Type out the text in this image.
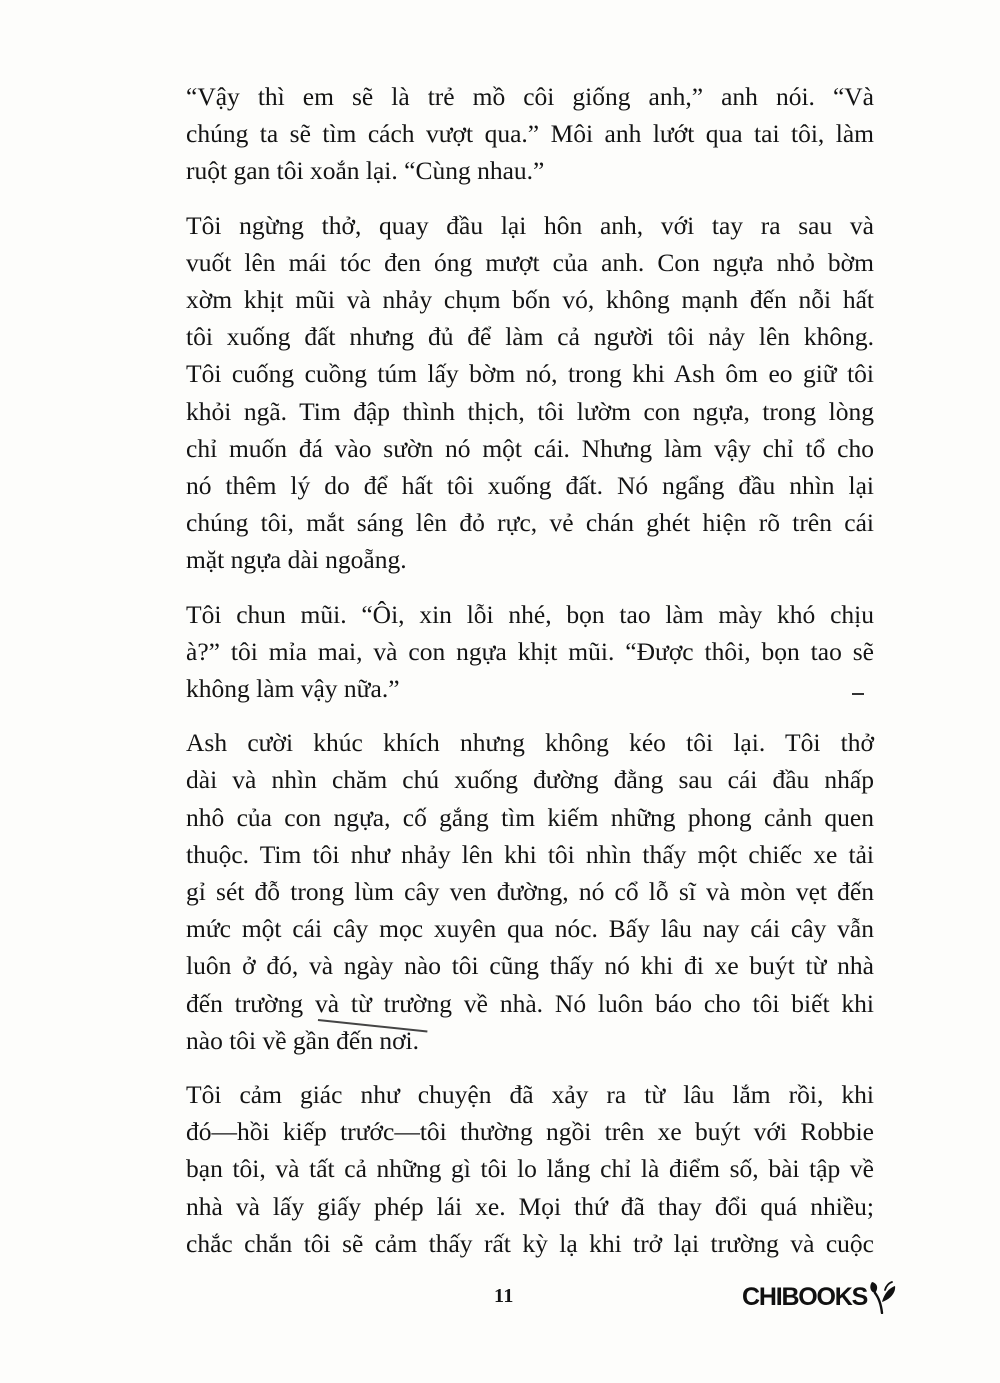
“Vậy thì em sẽ là trẻ mồ côi giống anh,” anh nói. “Và
chúng ta sẽ tìm cách vượt qua.” Môi anh lướt qua tai tôi, làm
ruột gan tôi xoắn lại. “Cùng nhau.”

Tôi ngừng thở, quay đầu lại hôn anh, với tay ra sau và
vuốt lên mái tóc đen óng mượt của anh. Con ngựa nhỏ bờm
xờm khịt mũi và nhảy chụm bốn vó, không mạnh đến nỗi hất
tôi xuống đất nhưng đủ để làm cả người tôi nảy lên không.
Tôi cuống cuồng túm lấy bờm nó, trong khi Ash ôm eo giữ tôi
khỏi ngã. Tim đập thình thịch, tôi lườm con ngựa, trong lòng
chỉ muốn đá vào sườn nó một cái. Nhưng làm vậy chỉ tổ cho
nó thêm lý do để hất tôi xuống đất. Nó ngẩng đầu nhìn lại
chúng tôi, mắt sáng lên đỏ rực, vẻ chán ghét hiện rõ trên cái
mặt ngựa dài ngoẵng.

Tôi chun mũi. “Ôi, xin lỗi nhé, bọn tao làm mày khó chịu
à?” tôi mỉa mai, và con ngựa khịt mũi. “Được thôi, bọn tao sẽ
không làm vậy nữa.”

Ash cười khúc khích nhưng không kéo tôi lại. Tôi thở
dài và nhìn chăm chú xuống đường đằng sau cái đầu nhấp
nhô của con ngựa, cố gắng tìm kiếm những phong cảnh quen
thuộc. Tim tôi như nhảy lên khi tôi nhìn thấy một chiếc xe tải
gỉ sét đỗ trong lùm cây ven đường, nó cổ lỗ sĩ và mòn vẹt đến
mức một cái cây mọc xuyên qua nóc. Bấy lâu nay cái cây vẫn
luôn ở đó, và ngày nào tôi cũng thấy nó khi đi xe buýt từ nhà
đến trường và từ trường về nhà. Nó luôn báo cho tôi biết khi
nào tôi về gần đến nơi.

Tôi cảm giác như chuyện đã xảy ra từ lâu lắm rồi, khi
đó—hồi kiếp trước—tôi thường ngồi trên xe buýt với Robbie
bạn tôi, và tất cả những gì tôi lo lắng chỉ là điểm số, bài tập về
nhà và lấy giấy phép lái xe. Mọi thứ đã thay đổi quá nhiều;
chắc chắn tôi sẽ cảm thấy rất kỳ lạ khi trở lại trường và cuộc

11	CHIBOOKS
